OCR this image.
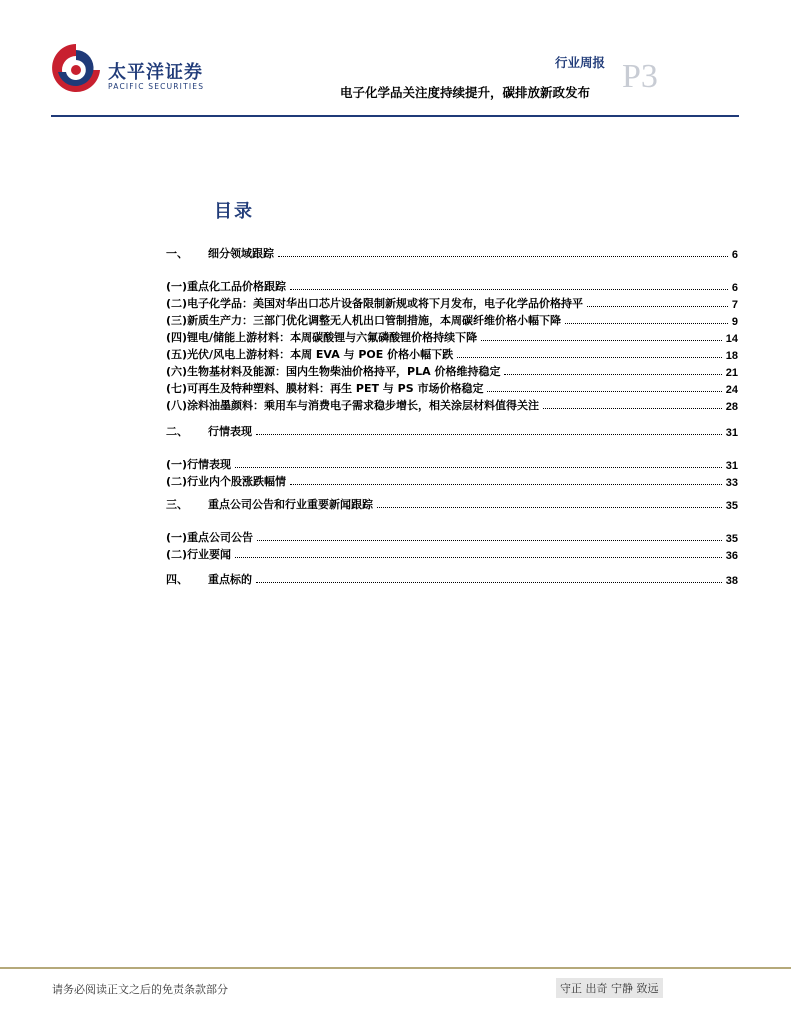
太平洋证券
PACIFIC SECURITIES
行业周报 P3
电子化学品关注度持续提升，碳排放新政发布
目录
一、	细分领域跟踪	6
(一) 重点化工品价格跟踪	6
(二) 电子化学品：美国对华出口芯片设备限制新规或将下月发布，电子化学品价格持平	7
(三) 新质生产力：三部门优化调整无人机出口管制措施，本周碳纤维价格小幅下降	9
(四) 锂电/储能上游材料：本周碳酸锂与六氟磷酸锂价格持续下降	14
(五) 光伏/风电上游材料：本周 EVA 与 POE 价格小幅下跌	18
(六) 生物基材料及能源：国内生物柴油价格持平，PLA 价格维持稳定	21
(七) 可再生及特种塑料、膜材料：再生 PET 与 PS 市场价格稳定	24
(八) 涂料油墨颜料：乘用车与消费电子需求稳步增长，相关涂层材料值得关注	28
二、	行情表现	31
(一) 行情表现	31
(二) 行业内个股涨跌幅情	33
三、	重点公司公告和行业重要新闻跟踪	35
(一) 重点公司公告	35
(二) 行业要闻	36
四、	重点标的	38
请务必阅读正文之后的免责条款部分	守正 出奇 宁静 致远
